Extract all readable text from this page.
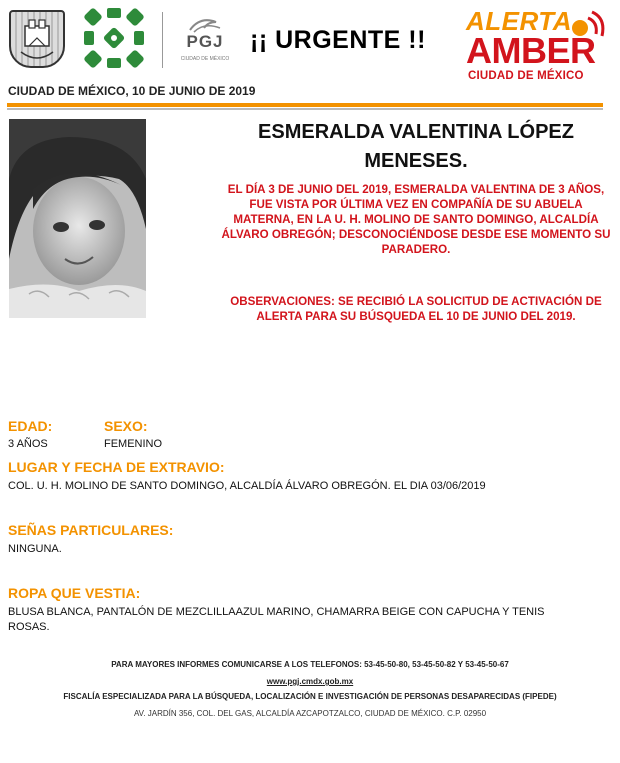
PGJ
CIUDAD DE MÉXICO
¡¡ URGENTE !!
ALERTA
AMBER
CIUDAD DE MÉXICO
CIUDAD DE MÉXICO, 10 DE JUNIO DE 2019
ESMERALDA VALENTINA LÓPEZ
MENESES.
EL DÍA 3 DE JUNIO DEL 2019, ESMERALDA VALENTINA DE 3 AÑOS, FUE VISTA POR ÚLTIMA VEZ EN COMPAÑÍA DE SU ABUELA MATERNA, EN LA U. H. MOLINO DE SANTO DOMINGO, ALCALDÍA ÁLVARO OBREGÓN; DESCONOCIÉNDOSE DESDE ESE MOMENTO SU PARADERO.
OBSERVACIONES: SE RECIBIÓ LA SOLICITUD DE ACTIVACIÓN DE ALERTA PARA SU BÚSQUEDA EL 10 DE JUNIO DEL 2019.
EDAD:	SEXO:
3 AÑOS	FEMENINO
LUGAR Y FECHA DE EXTRAVIO:
COL. U. H. MOLINO DE SANTO DOMINGO, ALCALDÍA ÁLVARO OBREGÓN. EL DIA 03/06/2019
SEÑAS PARTICULARES:
NINGUNA.
ROPA QUE VESTIA:
BLUSA BLANCA, PANTALÓN DE MEZCLILLAAZUL MARINO, CHAMARRA BEIGE CON CAPUCHA Y TENIS
ROSAS.
PARA MAYORES INFORMES COMUNICARSE A LOS TELEFONOS: 53-45-50-80, 53-45-50-82 Y 53-45-50-67
www.pgj.cmdx.gob.mx
FISCALÍA ESPECIALIZADA PARA LA BÚSQUEDA, LOCALIZACIÓN E INVESTIGACIÓN DE PERSONAS DESAPARECIDAS (FIPEDE)
AV. JARDÍN 356, COL. DEL GAS, ALCALDÍA AZCAPOTZALCO, CIUDAD DE MÉXICO. C.P. 02950
